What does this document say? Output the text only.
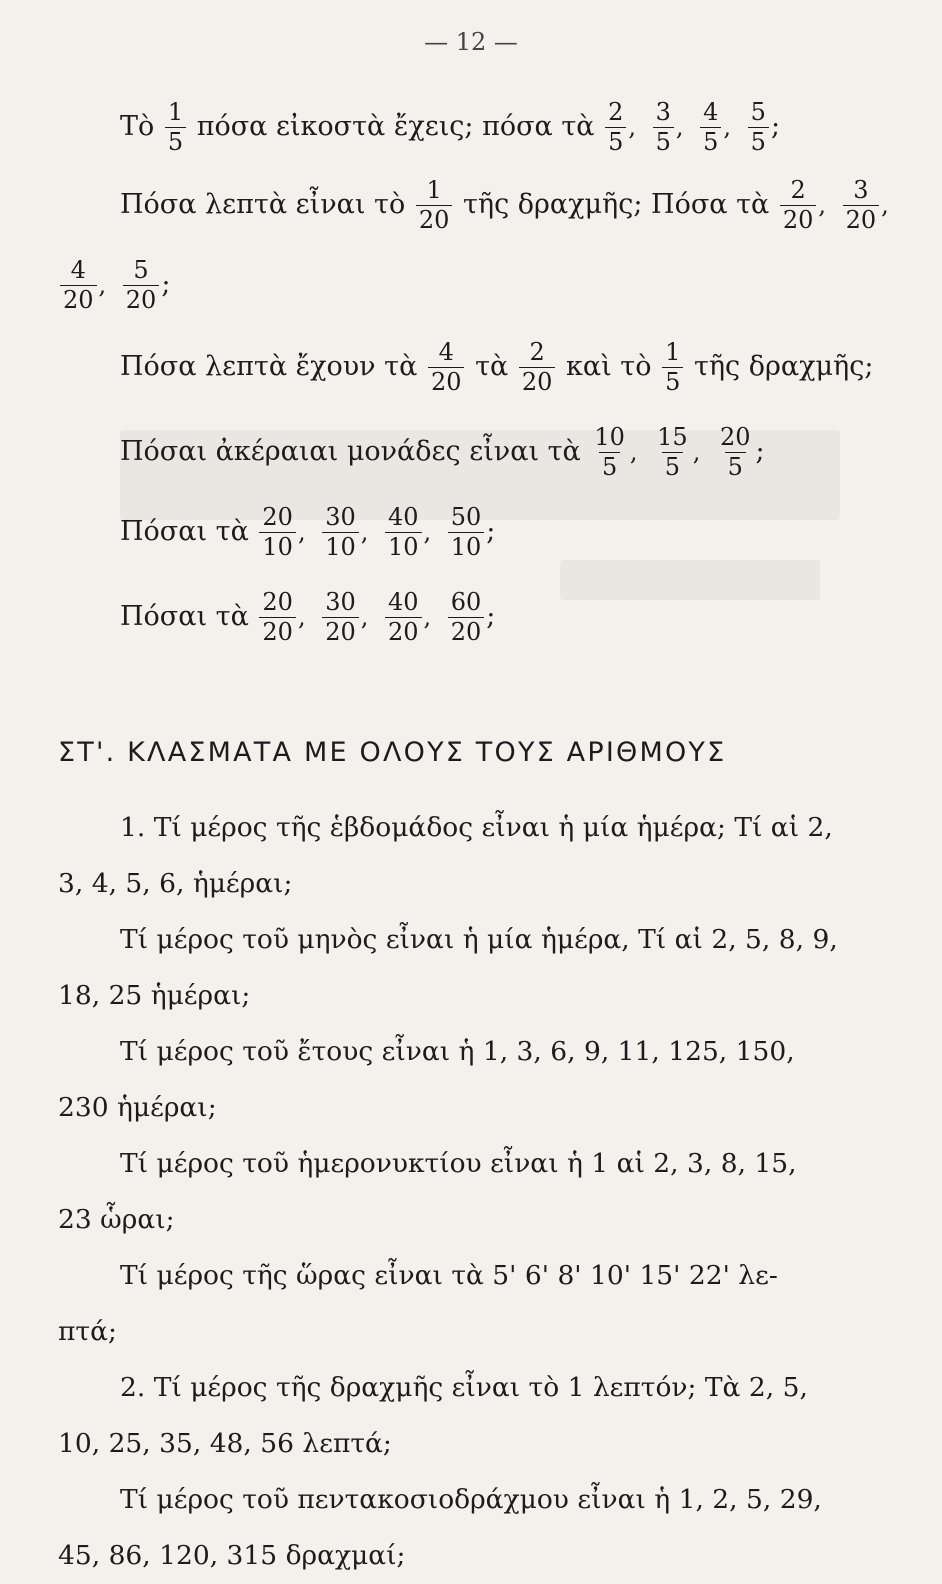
— 12 —
Τὸ $\frac{1}{5}$ πόσα εἰκοστὰ ἔχεις; πόσα τὰ $\frac{2}{5}$ , $\frac{3}{5}$ , $\frac{4}{5}$ , $\frac{5}{5}$ ;
Πόσα λεπτὰ εἶναι τὸ $\frac{1}{20}$ τῆς δραχμῆς; Πόσα τὰ $\frac{2}{20}$ , $\frac{3}{20}$ ,
$\frac{4}{20}$ , $\frac{5}{20}$ ;
Πόσα λεπτὰ ἔχουν τὰ $\frac{4}{20}$ τὰ $\frac{2}{20}$ καὶ τὸ $\frac{1}{5}$ τῆς δραχμῆς;
Πόσαι ἀκέραιαι μονάδες εἶναι τὰ $\frac{10}{5}$ , $\frac{15}{5}$ , $\frac{20}{5}$ ;
Πόσαι τὰ $\frac{20}{10}$ , $\frac{30}{10}$ , $\frac{40}{10}$ , $\frac{50}{10}$ ;
Πόσαι τὰ $\frac{20}{20}$ , $\frac{30}{20}$ , $\frac{40}{20}$ , $\frac{60}{20}$ ;
ΣΤ'. ΚΛΑΣΜΑΤΑ ΜΕ ΟΛΟΥΣ ΤΟΥΣ ΑΡΙΘΜΟΥΣ
1. Τί μέρος τῆς ἑβδομάδος εἶναι ἡ μία ἡμέρα; Τί αἱ 2,
3, 4, 5, 6, ἡμέραι;
Τί μέρος τοῦ μηνὸς εἶναι ἡ μία ἡμέρα, Τί αἱ 2, 5, 8, 9,
18, 25 ἡμέραι;
Τί μέρος τοῦ ἔτους εἶναι ἡ 1, 3, 6, 9, 11, 125, 150,
230 ἡμέραι;
Τί μέρος τοῦ ἡμερονυκτίου εἶναι ἡ 1 αἱ 2, 3, 8, 15,
23 ὧραι;
Τί μέρος τῆς ὥρας εἶναι τὰ 5' 6' 8' 10' 15' 22' λε-
πτά;
2. Τί μέρος τῆς δραχμῆς εἶναι τὸ 1 λεπτόν; Τὰ 2, 5,
10, 25, 35, 48, 56 λεπτά;
Τί μέρος τοῦ πεντακοσιοδράχμου εἶναι ἡ 1, 2, 5, 29,
45, 86, 120, 315 δραχμαί;
